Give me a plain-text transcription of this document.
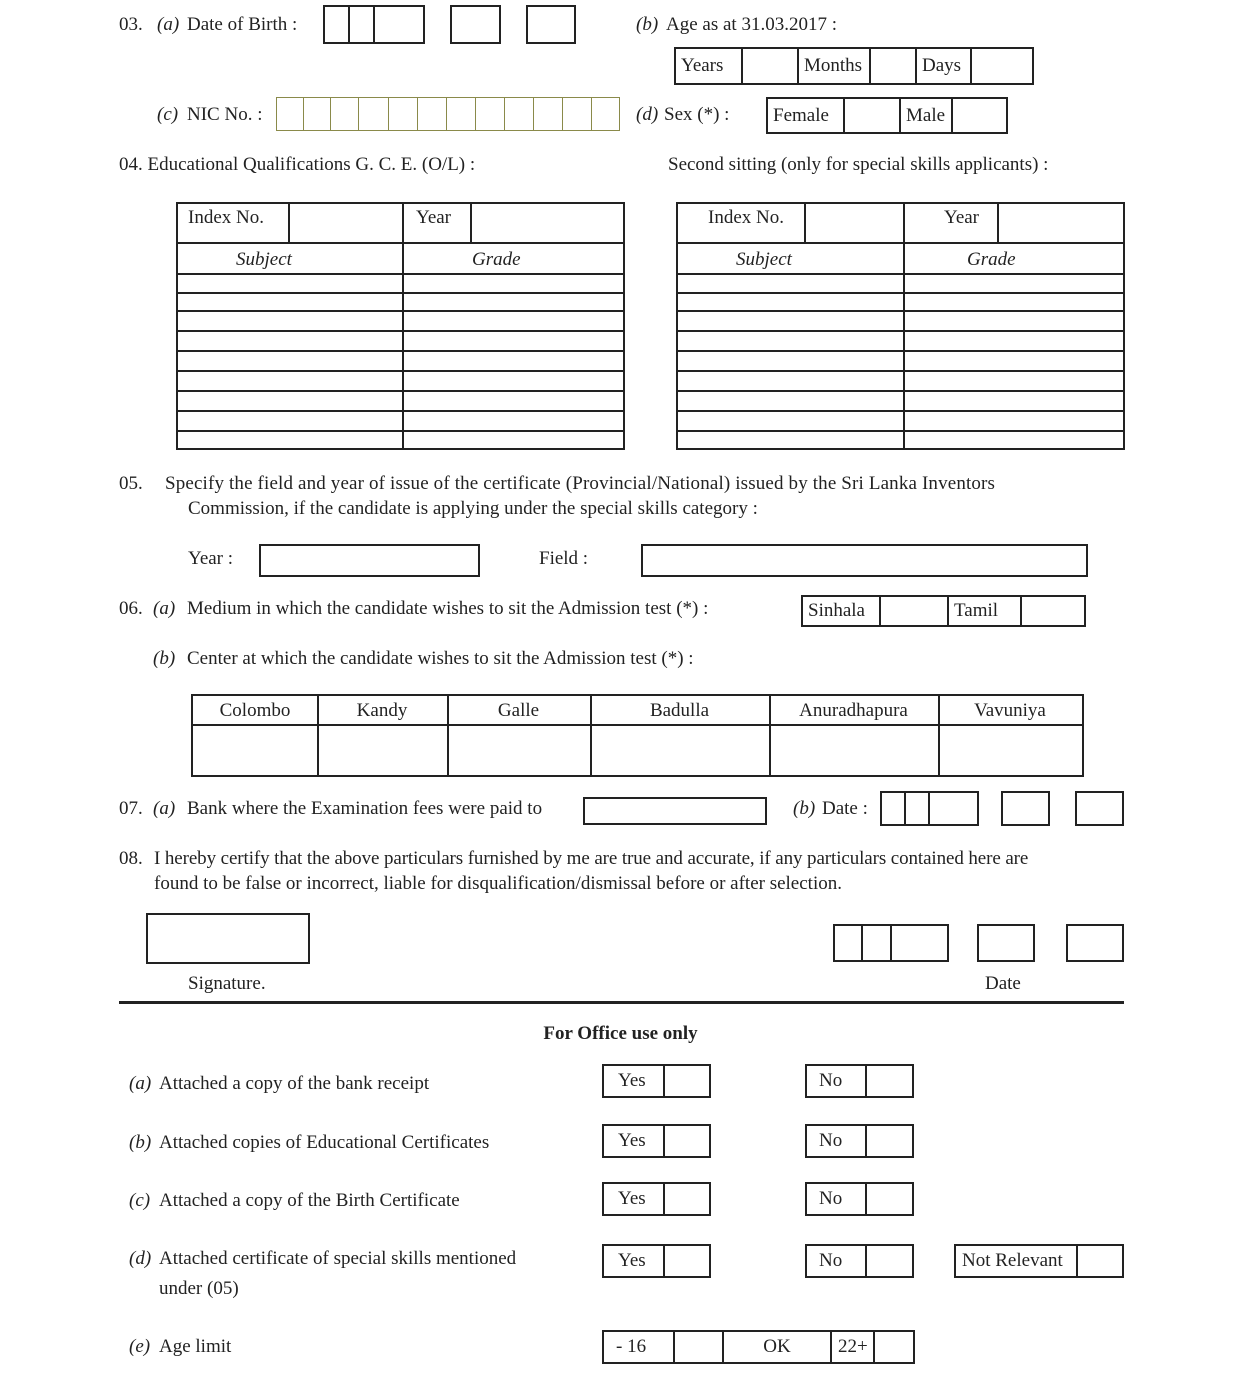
03. (a) Date of Birth :	(b) Age as at 31.03.2017 :
Years	Months	Days
(c) NIC No. :	(d) Sex (*) : Female	Male
04. Educational Qualifications G. C. E. (O/L) :	Second sitting (only for special skills applicants) :
Index No.	Year
Subject	Grade
Index No.	Year
Subject	Grade
05. Specify the field and year of issue of the certificate (Provincial/National) issued by the Sri Lanka Inventors
Commission, if the candidate is applying under the special skills category :
Year :	Field :
06. (a) Medium in which the candidate wishes to sit the Admission test (*) :	Sinhala	Tamil
(b) Center at which the candidate wishes to sit the Admission test (*) :
Colombo	Kandy	Galle	Badulla	Anuradhapura	Vavuniya
07. (a) Bank where the Examination fees were paid to	(b) Date :
08. I hereby certify that the above particulars furnished by me are true and accurate, if any particulars contained here are
found to be false or incorrect, liable for disqualification/dismissal before or after selection.
Signature.	Date
For Office use only
(a) Attached a copy of the bank receipt	Yes	No
(b) Attached copies of Educational Certificates	Yes	No
(c) Attached a copy of the Birth Certificate	Yes	No
(d) Attached certificate of special skills mentioned
under (05)
Yes	No	Not Relevant
(e) Age limit	- 16	OK	22+
